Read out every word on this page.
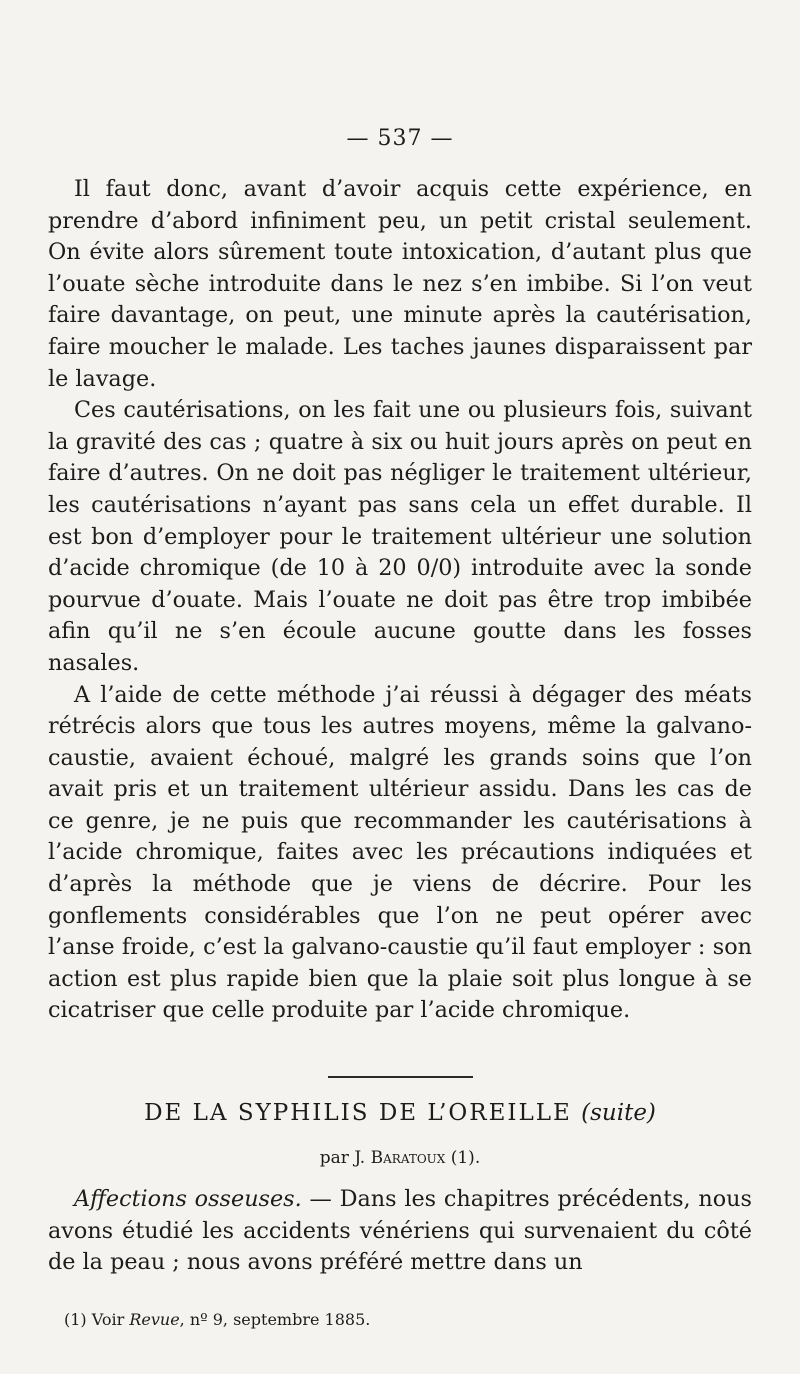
— 537 —

Il faut donc, avant d’avoir acquis cette expérience, en prendre d’abord infiniment peu, un petit cristal seulement. On évite alors sûrement toute intoxication, d’autant plus que l’ouate sèche introduite dans le nez s’en imbibe. Si l’on veut faire davantage, on peut, une minute après la cautérisation, faire moucher le malade. Les taches jaunes disparaissent par le lavage.

Ces cautérisations, on les fait une ou plusieurs fois, suivant la gravité des cas ; quatre à six ou huit jours après on peut en faire d’autres. On ne doit pas négliger le traitement ultérieur, les cautérisations n’ayant pas sans cela un effet durable. Il est bon d’employer pour le traitement ultérieur une solution d’acide chromique (de 10 à 20 0/0) introduite avec la sonde pourvue d’ouate. Mais l’ouate ne doit pas être trop imbibée afin qu’il ne s’en écoule aucune goutte dans les fosses nasales.

A l’aide de cette méthode j’ai réussi à dégager des méats rétrécis alors que tous les autres moyens, même la galvano-caustie, avaient échoué, malgré les grands soins que l’on avait pris et un traitement ultérieur assidu. Dans les cas de ce genre, je ne puis que recommander les cautérisations à l’acide chromique, faites avec les précautions indiquées et d’après la méthode que je viens de décrire. Pour les gonflements considérables que l’on ne peut opérer avec l’anse froide, c’est la galvano-caustie qu’il faut employer : son action est plus rapide bien que la plaie soit plus longue à se cicatriser que celle produite par l’acide chromique.

DE LA SYPHILIS DE L’OREILLE (suite)
par J. Baratoux (1).

Affections osseuses. — Dans les chapitres précédents, nous avons étudié les accidents vénériens qui survenaient du côté de la peau ; nous avons préféré mettre dans un

(1) Voir Revue, nº 9, septembre 1885.
